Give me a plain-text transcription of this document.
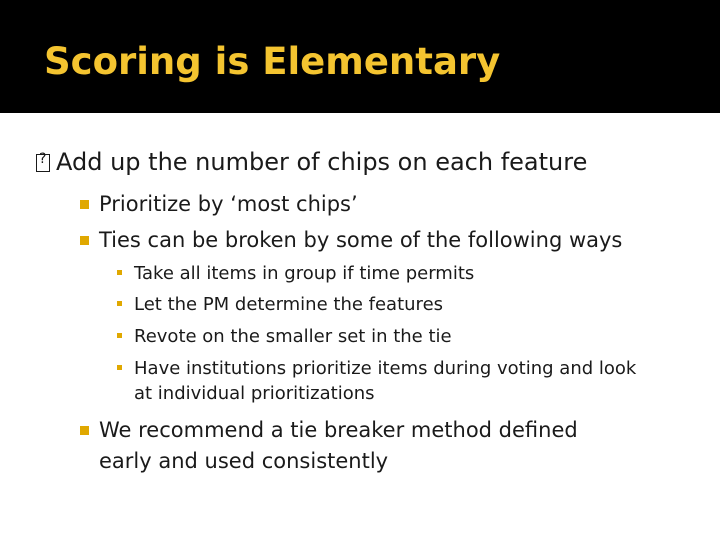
Scoring is Elementary
?Add up the number of chips on each feature
Prioritize by ‘most chips’
Ties can be broken by some of the following ways
Take all items in group if time permits
Let the PM determine the features
Revote on the smaller set in the tie
Have institutions prioritize items during voting and look
at individual prioritizations
We recommend a tie breaker method defined
early and used consistently
